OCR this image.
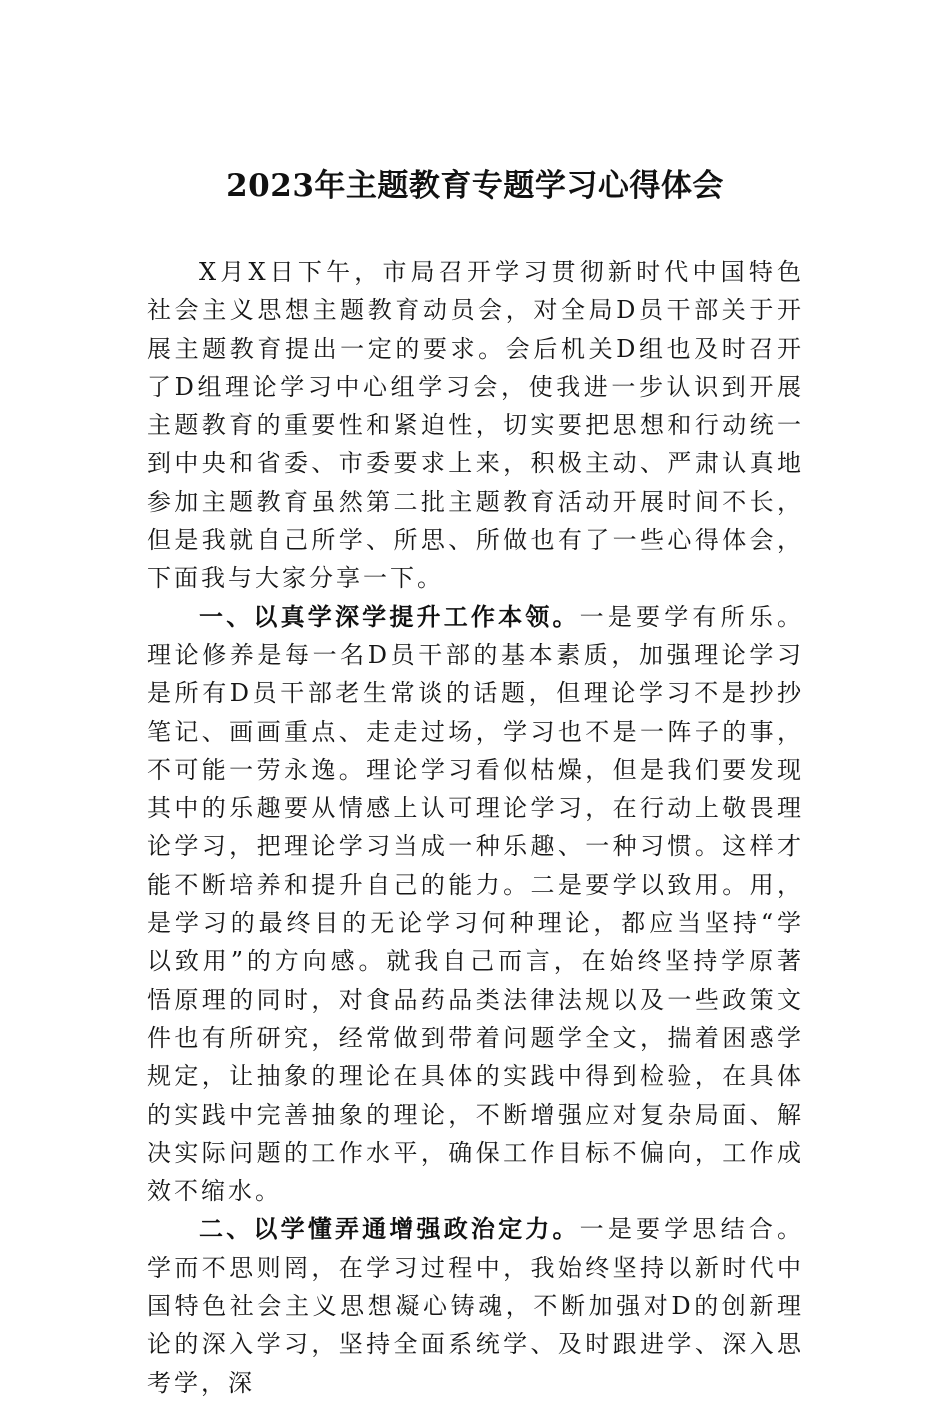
2023年主题教育专题学习心得体会

X月X日下午，市局召开学习贯彻新时代中国特色社会主义思想主题教育动员会，对全局D员干部关于开展主题教育提出一定的要求。会后机关D组也及时召开了D组理论学习中心组学习会，使我进一步认识到开展主题教育的重要性和紧迫性，切实要把思想和行动统一到中央和省委、市委要求上来，积极主动、严肃认真地参加主题教育虽然第二批主题教育活动开展时间不长，但是我就自己所学、所思、所做也有了一些心得体会，下面我与大家分享一下。

一、以真学深学提升工作本领。一是要学有所乐。理论修养是每一名D员干部的基本素质，加强理论学习是所有D员干部老生常谈的话题，但理论学习不是抄抄笔记、画画重点、走走过场，学习也不是一阵子的事，不可能一劳永逸。理论学习看似枯燥，但是我们要发现其中的乐趣要从情感上认可理论学习，在行动上敬畏理论学习，把理论学习当成一种乐趣、一种习惯。这样才能不断培养和提升自己的能力。二是要学以致用。用，是学习的最终目的无论学习何种理论，都应当坚持“学以致用”的方向感。就我自己而言，在始终坚持学原著悟原理的同时，对食品药品类法律法规以及一些政策文件也有所研究，经常做到带着问题学全文，揣着困惑学规定，让抽象的理论在具体的实践中得到检验，在具体的实践中完善抽象的理论，不断增强应对复杂局面、解决实际问题的工作水平，确保工作目标不偏向，工作成效不缩水。

二、以学懂弄通增强政治定力。一是要学思结合。学而不思则罔，在学习过程中，我始终坚持以新时代中国特色社会主义思想凝心铸魂，不断加强对D的创新理论的深入学习，坚持全面系统学、及时跟进学、深入思考学，深
